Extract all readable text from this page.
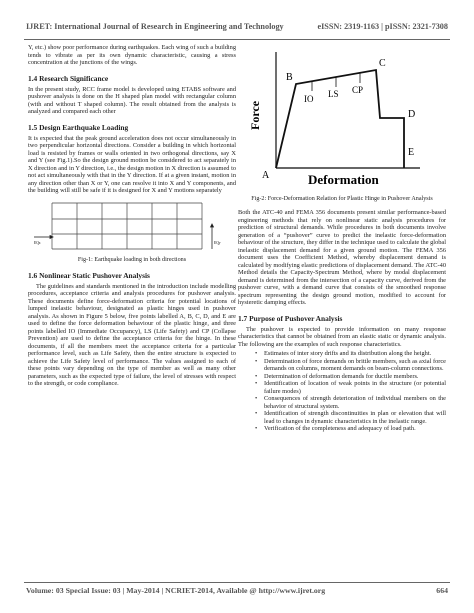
IJRET: International Journal of Research in Engineering and Technology	eISSN: 2319-1163 | pISSN: 2321-7308

Y, etc.) show poor performance during earthquakes. Each wing of such a building tends to vibrate as per its own dynamic characteristic, causing a stress concentration at the junctions of the wings.

1.4 Research Significance

In the present study, RCC frame model is developed using ETABS software and pushover analysis is done on the H shaped plan model with rectangular column (with and without T shaped column). The result obtained from the analysis is analyzed and compared each other

1.5 Design Earthquake Loading

It is expected that the peak ground acceleration does not occur simultaneously in two perpendicular horizontal directions. Consider a building in which horizontal load is resisted by frames or walls oriented in two orthogonal directions, say X and Y (see Fig.1).So the design ground motion be considered to act separately in X direction and in Y direction, i.e., the design motion in X direction is assumed to not act simultaneously with that in the Y direction. If at a given instant, motion in any direction other than X or Y, one can resolve it into X and Y components, and the building will still be safe if it is designed for X and Y motions separately

EQx	EQy
Fig-1: Earthquake loading in both directions
1.6 Nonlinear Static Pushover Analysis

The guidelines and standards mentioned in the introduction include modelling procedures, acceptance criteria and analysis procedures for pushover analysis. These documents define force-deformation criteria for potential locations of lumped inelastic behaviour, designated as plastic hinges used in pushover analysis. As shown in Figure 5 below, five points labelled A, B, C, D, and E are used to define the force deformation behaviour of the plastic hinge, and three points labelled IO (Immediate Occupancy), LS (Life Safety) and CP (Collapse Prevention) are used to define the acceptance criteria for the hinge. In these documents, if all the members meet the acceptance criteria for a particular performance level, such as Life Safety, then the entire structure is expected to achieve the Life Safety level of performance. The values assigned to each of these points vary depending on the type of member as well as many other parameters, such as the expected type of failure, the level of stresses with respect to the strength, or code compliance.

Force
Deformation
A
B
C
D
E
IO LS CP
Fig-2: Force-Deformation Relation for Plastic Hinge in Pushover Analysis

Both the ATC-40 and FEMA 356 documents present similar performance-based engineering methods that rely on nonlinear static analysis procedures for prediction of structural demands. While procedures in both documents involve generation of a “pushover” curve to predict the inelastic force-deformation behaviour of the structure, they differ in the technique used to calculate the global inelastic displacement demand for a given ground motion. The FEMA 356 document uses the Coefficient Method, whereby displacement demand is calculated by modifying elastic predictions of displacement demand. The ATC-40 Method details the Capacity-Spectrum Method, where by modal displacement demand is determined from the intersection of a capacity curve, derived from the pushover curve, with a demand curve that consists of the smoothed response spectrum representing the design ground motion, modified to account for hysteretic damping effects.

1.7 Purpose of Pushover Analysis

The pushover is expected to provide information on many response characteristics that cannot be obtained from an elastic static or dynamic analysis. The following are the examples of such response characteristics.

• Estimates of inter story drifts and its distribution along the height.
• Determination of force demands on brittle members, such as axial force demands on columns, moment demands on beam-column connections.
• Determination of deformation demands for ductile members.
• Identification of location of weak points in the structure (or potential failure modes)
• Consequences of strength deterioration of individual members on the behavior of structural system.
• Identification of strength discontinuities in plan or elevation that will lead to changes in dynamic characteristics in the inelastic range.
• Verification of the completeness and adequacy of load path.
Volume: 03 Special Issue: 03 | May-2014 | NCRIET-2014, Available @ http://www.ijret.org	664
